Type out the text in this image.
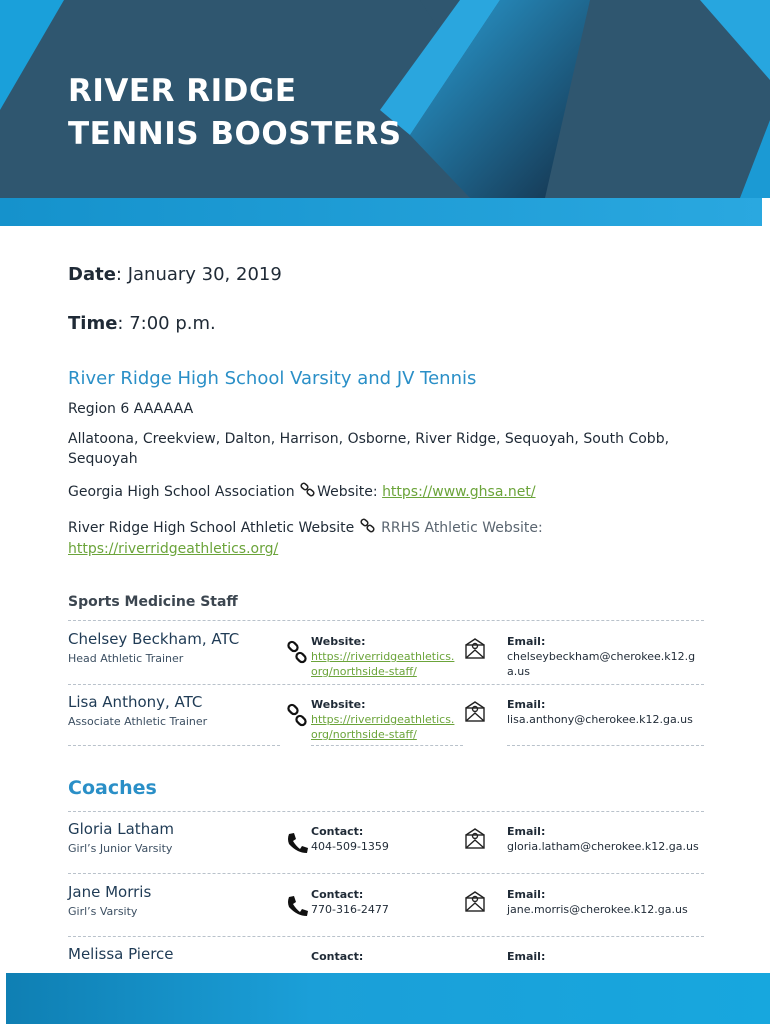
RIVER RIDGE
TENNIS BOOSTERS
Date: January 30, 2019
Time: 7:00 p.m.
River Ridge High School Varsity and JV Tennis
Region 6 AAAAAA
Allatoona, Creekview, Dalton, Harrison, Osborne, River Ridge, Sequoyah, South Cobb, Sequoyah
Georgia High School Association Website: https://www.ghsa.net/
River Ridge High School Athletic Website RRHS Athletic Website:
https://riverridgeathletics.org/
Sports Medicine Staff
Chelsey Beckham, ATC
Head Athletic Trainer
Website:
https://riverridgeathletics.org/northside-staff/
Email:
chelseybeckham@cherokee.k12.ga.us
Lisa Anthony, ATC
Associate Athletic Trainer
Website:
https://riverridgeathletics.org/northside-staff/
Email:
lisa.anthony@cherokee.k12.ga.us
Coaches
Gloria Latham
Girl’s Junior Varsity
Contact:
404-509-1359
Email:
gloria.latham@cherokee.k12.ga.us
Jane Morris
Girl’s Varsity
Contact:
770-316-2477
Email:
jane.morris@cherokee.k12.ga.us
Melissa Pierce	Contact:	Email:
